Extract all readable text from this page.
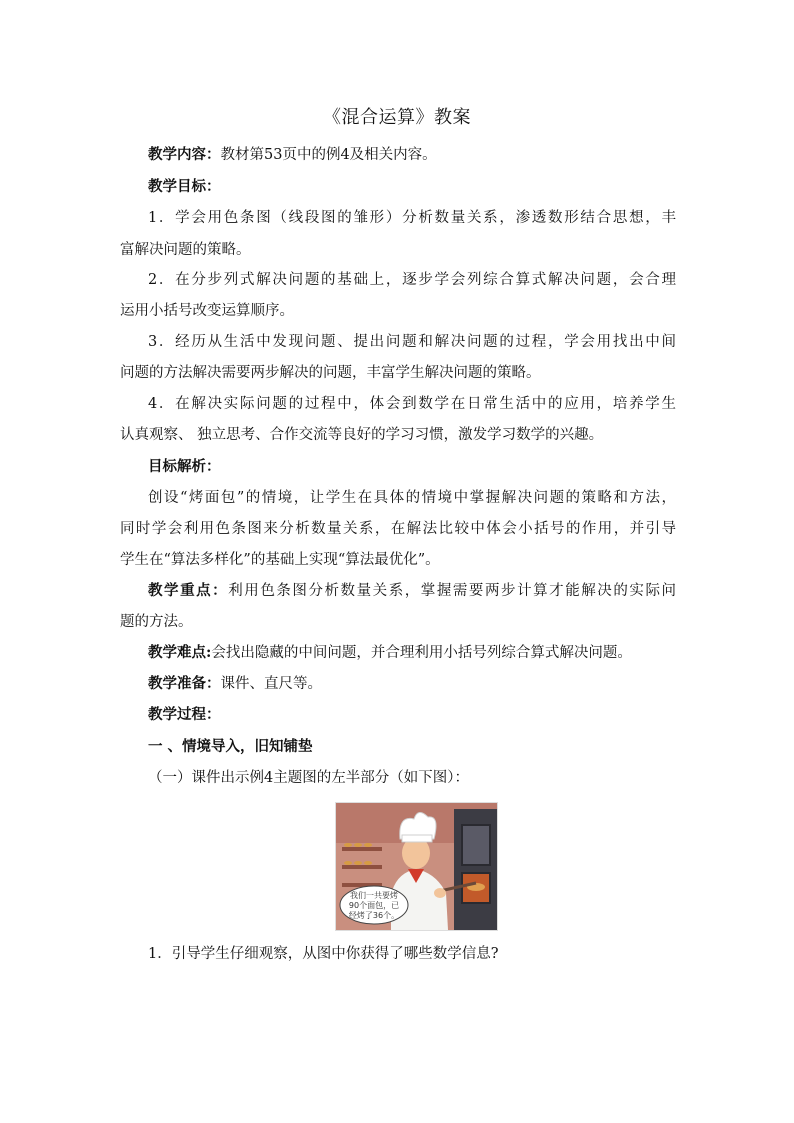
《混合运算》教案
教学内容：教材第53页中的例4及相关内容。
教学目标：
1．学会用色条图（线段图的雏形）分析数量关系，渗透数形结合思想，丰
富解决问题的策略。
2．在分步列式解决问题的基础上，逐步学会列综合算式解决问题，会合理
运用小括号改变运算顺序。
3．经历从生活中发现问题、提出问题和解决问题的过程，学会用找出中间
问题的方法解决需要两步解决的问题，丰富学生解决问题的策略。
4．在解决实际问题的过程中，体会到数学在日常生活中的应用，培养学生
认真观察、 独立思考、合作交流等良好的学习习惯，激发学习数学的兴趣。
目标解析：
创设“烤面包”的情境，让学生在具体的情境中掌握解决问题的策略和方法，
同时学会利用色条图来分析数量关系，在解法比较中体会小括号的作用，并引导
学生在“算法多样化”的基础上实现“算法最优化”。
教学重点：利用色条图分析数量关系，掌握需要两步计算才能解决的实际问
题的方法。
教学难点:会找出隐藏的中间问题，并合理利用小括号列综合算式解决问题。
教学准备：课件、直尺等。
教学过程：
一 、情境导入，旧知铺垫
（一）课件出示例4主题图的左半部分（如下图）：
我们一共要烤
90个面包，已
经烤了36个。
1．引导学生仔细观察，从图中你获得了哪些数学信息?
